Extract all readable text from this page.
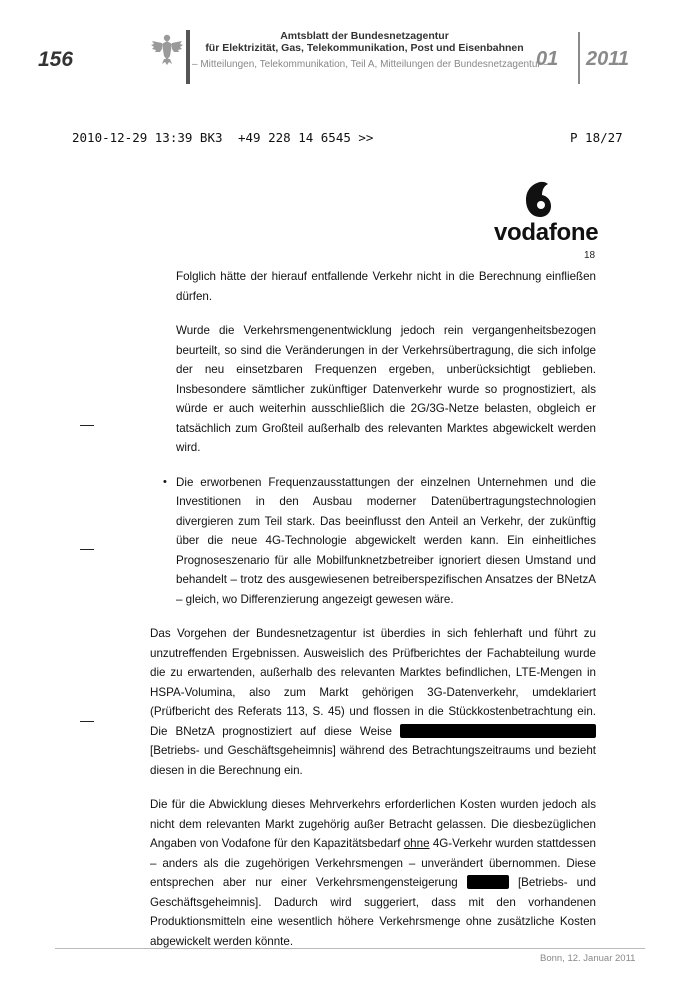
156
Amtsblatt der Bundesnetzagentur
für Elektrizität, Gas, Telekommunikation, Post und Eisenbahnen
– Mitteilungen, Telekommunikation, Teil A, Mitteilungen der Bundesnetzagentur –
01 2011
2010-12-29 13:39 BK3 +49 228 14 6545 >>	P 18/27
vodafone
18

Folglich hätte der hierauf entfallende Verkehr nicht in die Berechnung einfließen dürfen.

Wurde die Verkehrsmengenentwicklung jedoch rein vergangenheitsbezogen beurteilt, so sind die Veränderungen in der Verkehrsübertragung, die sich infolge der neu einsetzbaren Frequenzen ergeben, unberücksichtigt geblieben. Insbesondere sämtlicher zukünftiger Datenverkehr wurde so prognostiziert, als würde er auch weiterhin ausschließlich die 2G/3G-Netze belasten, obgleich er tatsächlich zum Großteil außerhalb des relevanten Marktes abgewickelt werden wird.

• Die erworbenen Frequenzausstattungen der einzelnen Unternehmen und die Investitionen in den Ausbau moderner Datenübertragungstechnologien divergieren zum Teil stark. Das beeinflusst den Anteil an Verkehr, der zukünftig über die neue 4G-Technologie abgewickelt werden kann. Ein einheitliches Prognoseszenario für alle Mobilfunknetzbetreiber ignoriert diesen Umstand und behandelt – trotz des ausgewiesenen betreiberspezifischen Ansatzes der BNetzA – gleich, wo Differenzierung angezeigt gewesen wäre.

Das Vorgehen der Bundesnetzagentur ist überdies in sich fehlerhaft und führt zu unzutreffenden Ergebnissen. Ausweislich des Prüfberichtes der Fachabteilung wurde die zu erwartenden, außerhalb des relevanten Marktes befindlichen, LTE-Mengen in HSPA-Volumina, also zum Markt gehörigen 3G-Datenverkehr, umdeklariert (Prüfbericht des Referats 113, S. 45) und flossen in die Stückkostenbetrachtung ein. Die BNetzA prognostiziert auf diese Weise  [Betriebs- und Geschäftsgeheimnis] während des Betrachtungszeitraums und bezieht diesen in die Berechnung ein.

Die für die Abwicklung dieses Mehrverkehrs erforderlichen Kosten wurden jedoch als nicht dem relevanten Markt zugehörig außer Betracht gelassen. Die diesbezüglichen Angaben von Vodafone für den Kapazitätsbedarf ohne 4G-Verkehr wurden stattdessen – anders als die zugehörigen Verkehrsmengen – unverändert übernommen. Diese entsprechen aber nur einer Verkehrsmengensteigerung	[Betriebs- und Geschäftsgeheimnis]. Dadurch wird suggeriert, dass mit den vorhandenen Produktionsmitteln eine wesentlich höhere Verkehrsmenge ohne zusätzliche Kosten abgewickelt werden könnte.

Bonn, 12. Januar 2011
